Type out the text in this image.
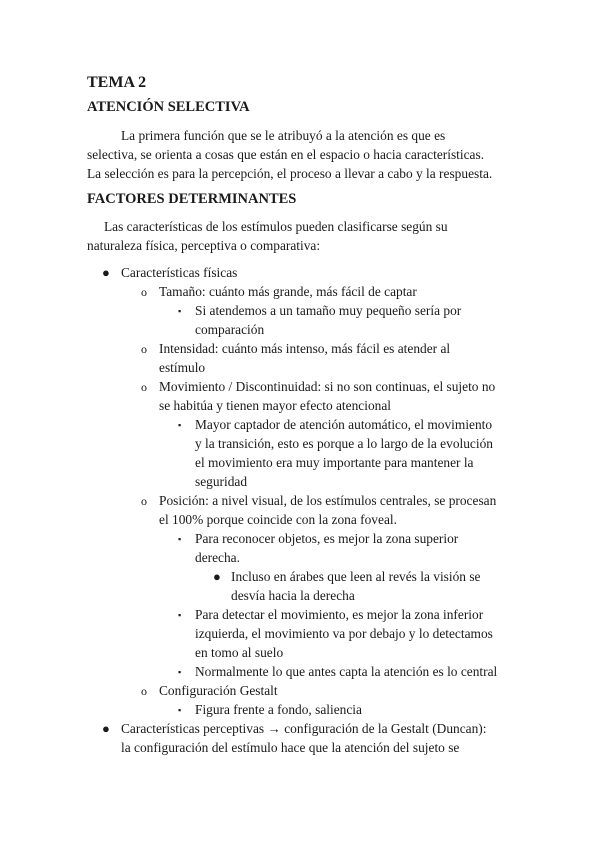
TEMA 2
ATENCIÓN SELECTIVA
La primera función que se le atribuyó a la atención es que es
selectiva, se orienta a cosas que están en el espacio o hacia características.
La selección es para la percepción, el proceso a llevar a cabo y la respuesta.
FACTORES DETERMINANTES
Las características de los estímulos pueden clasificarse según su
naturaleza física, perceptiva o comparativa:
● Características físicas
o Tamaño: cuánto más grande, más fácil de captar
▪ Si atendemos a un tamaño muy pequeño sería por
comparación
o Intensidad: cuánto más intenso, más fácil es atender al
estímulo
o Movimiento / Discontinuidad: si no son continuas, el sujeto no
se habitúa y tienen mayor efecto atencional
▪ Mayor captador de atención automático, el movimiento
y la transición, esto es porque a lo largo de la evolución
el movimiento era muy importante para mantener la
seguridad
o Posición: a nivel visual, de los estímulos centrales, se procesan
el 100% porque coincide con la zona foveal.
▪ Para reconocer objetos, es mejor la zona superior
derecha.
● Incluso en árabes que leen al revés la visión se
desvía hacia la derecha
▪ Para detectar el movimiento, es mejor la zona inferior
izquierda, el movimiento va por debajo y lo detectamos
en tomo al suelo
▪ Normalmente lo que antes capta la atención es lo central
o Configuración Gestalt
▪ Figura frente a fondo, saliencia
● Características perceptivas → configuración de la Gestalt (Duncan):
la configuración del estímulo hace que la atención del sujeto se
